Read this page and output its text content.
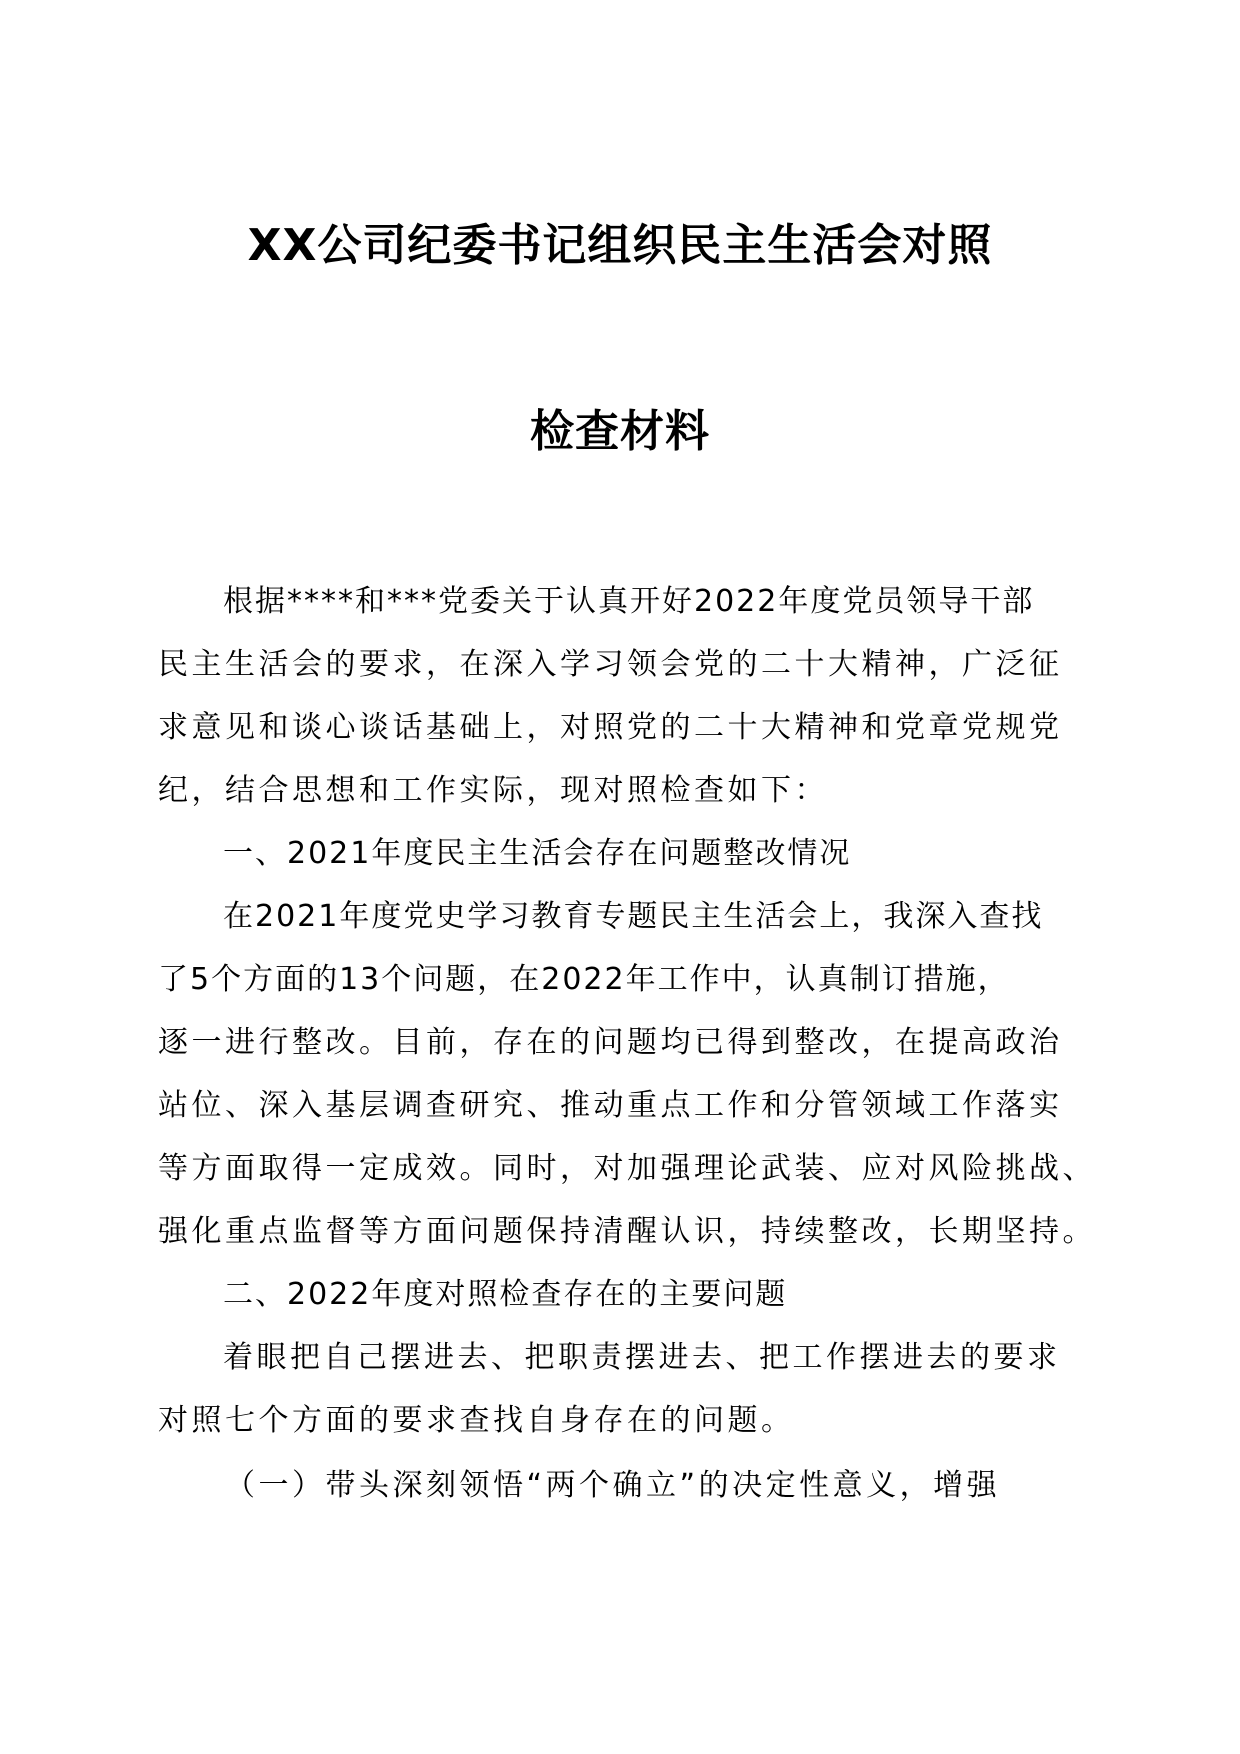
XX公司纪委书记组织民主生活会对照
检查材料
根据****和***党委关于认真开好2022年度党员领导干部
民主生活会的要求，在深入学习领会党的二十大精神，广泛征
求意见和谈心谈话基础上，对照党的二十大精神和党章党规党
纪，结合思想和工作实际，现对照检查如下：
一、2021年度民主生活会存在问题整改情况
在2021年度党史学习教育专题民主生活会上，我深入查找
了5个方面的13个问题，在2022年工作中，认真制订措施，
逐一进行整改。目前，存在的问题均已得到整改，在提高政治
站位、深入基层调查研究、推动重点工作和分管领域工作落实
等方面取得一定成效。同时，对加强理论武装、应对风险挑战、
强化重点监督等方面问题保持清醒认识，持续整改，长期坚持。
二、2022年度对照检查存在的主要问题
着眼把自己摆进去、把职责摆进去、把工作摆进去的要求
对照七个方面的要求查找自身存在的问题。
（一）带头深刻领悟“两个确立”的决定性意义，增强
